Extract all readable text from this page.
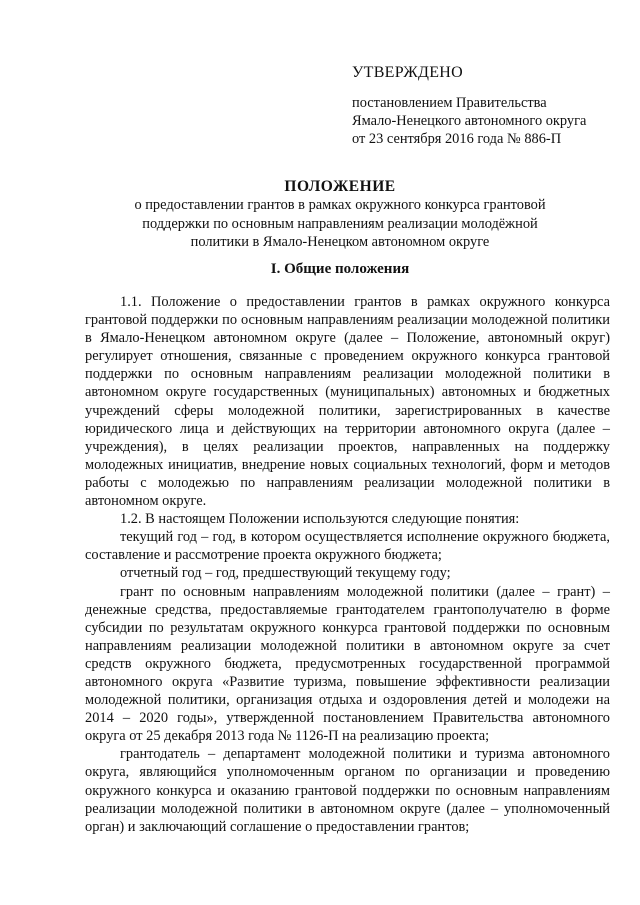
УТВЕРЖДЕНО
постановлением Правительства
Ямало-Ненецкого автономного округа
от 23 сентября 2016 года № 886-П
ПОЛОЖЕНИЕ
о предоставлении грантов в рамках окружного конкурса грантовой
поддержки по основным направлениям реализации молодёжной
политики в Ямало-Ненецком автономном округе
I. Общие положения

1.1. Положение о предоставлении грантов в рамках окружного конкурса грантовой поддержки по основным направлениям реализации молодежной политики в Ямало-Ненецком автономном округе (далее – Положение, автономный округ) регулирует отношения, связанные с проведением окружного конкурса грантовой поддержки по основным направлениям реализации молодежной политики в автономном округе государственных (муниципальных) автономных и бюджетных учреждений сферы молодежной политики, зарегистрированных в качестве юридического лица и действующих на территории автономного округа (далее – учреждения), в целях реализации проектов, направленных на поддержку молодежных инициатив, внедрение новых социальных технологий, форм и методов работы с молодежью по направлениям реализации молодежной политики в автономном округе.

1.2. В настоящем Положении используются следующие понятия:

текущий год – год, в котором осуществляется исполнение окружного бюджета, составление и рассмотрение проекта окружного бюджета;

отчетный год – год, предшествующий текущему году;

грант по основным направлениям молодежной политики (далее – грант) – денежные средства, предоставляемые грантодателем грантополучателю в форме субсидии по результатам окружного конкурса грантовой поддержки по основным направлениям реализации молодежной политики в автономном округе за счет средств окружного бюджета, предусмотренных государственной программой автономного округа «Развитие туризма, повышение эффективности реализации молодежной политики, организация отдыха и оздоровления детей и молодежи на 2014 – 2020 годы», утвержденной постановлением Правительства автономного округа от 25 декабря 2013 года № 1126-П на реализацию проекта;

грантодатель – департамент молодежной политики и туризма автономного округа, являющийся уполномоченным органом по организации и проведению окружного конкурса и оказанию грантовой поддержки по основным направлениям реализации молодежной политики в автономном округе (далее – уполномоченный орган) и заключающий соглашение о предоставлении грантов;
